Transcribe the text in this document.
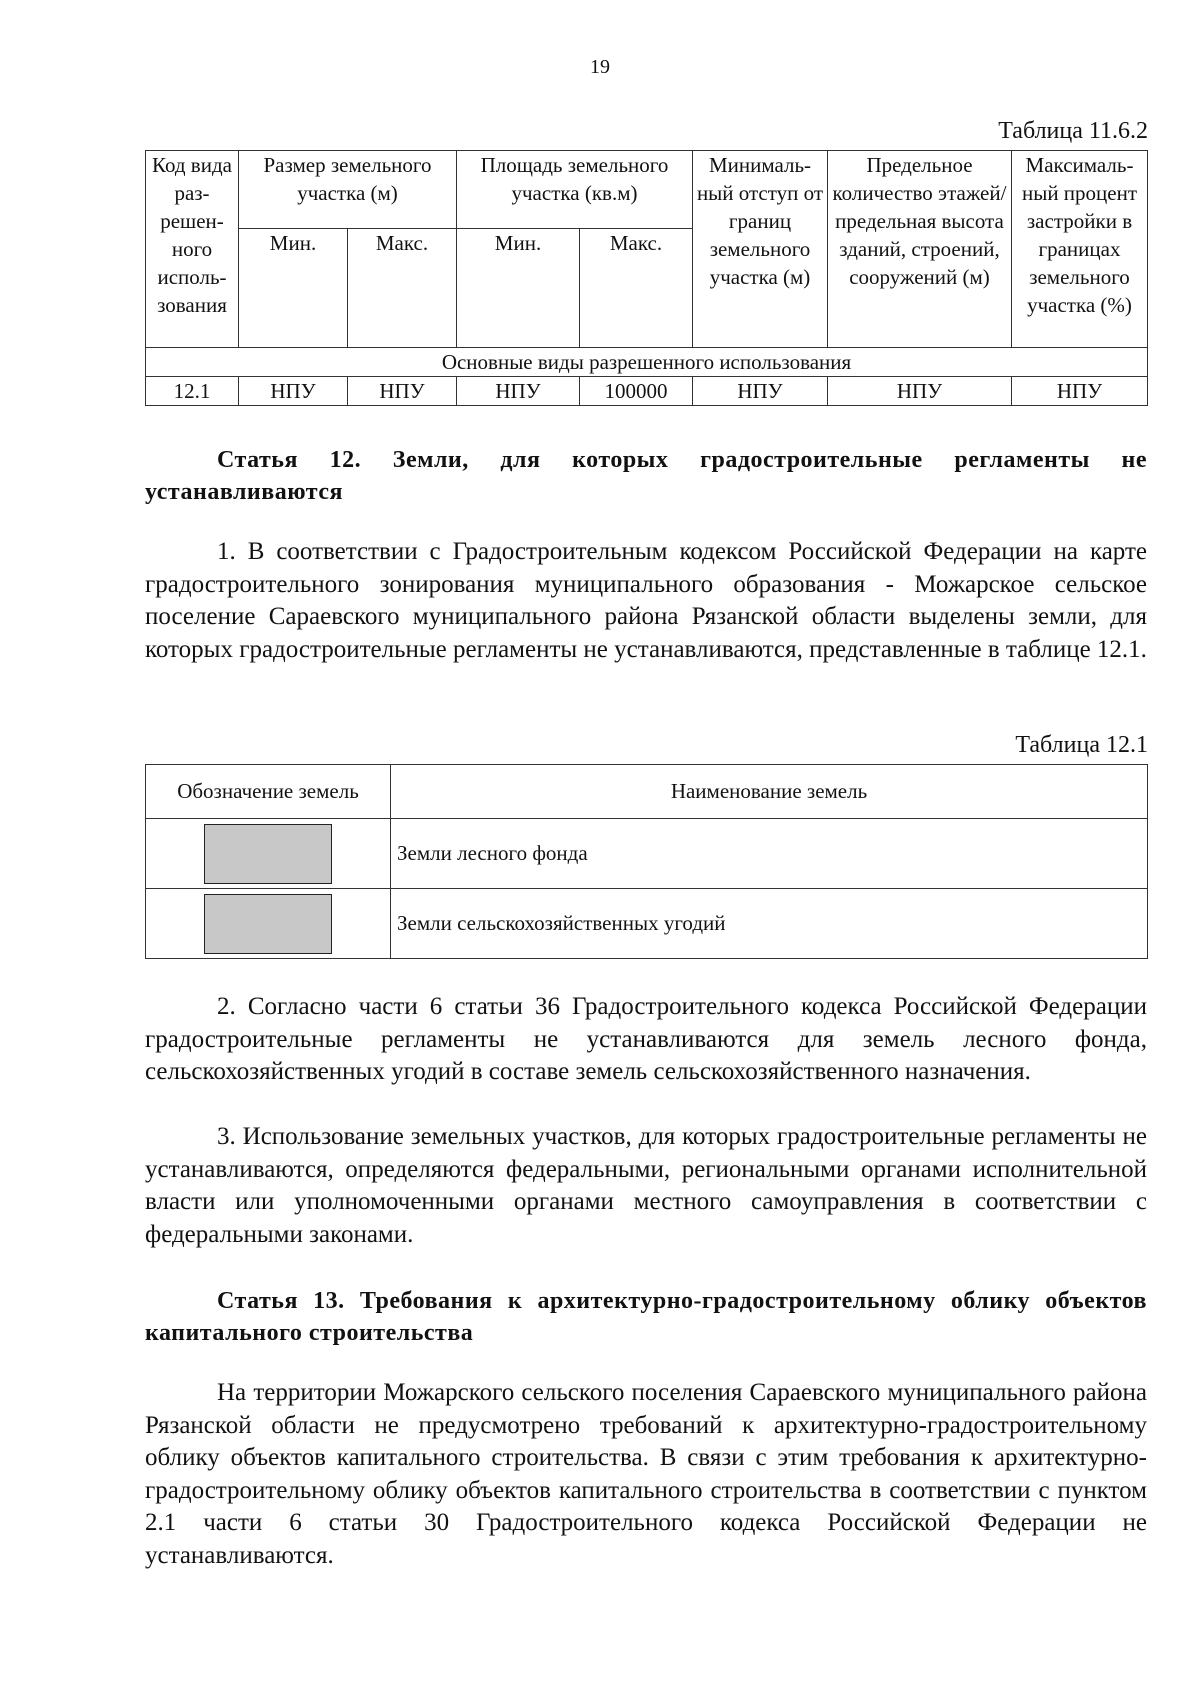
19
Таблица 11.6.2
Код вида раз-решен-ного исполь-зования	Размер земельного участка (м)		Площадь земельного участка (кв.м)		Минималь-ный отступ от границ земельного участка (м)	Предельное количество этажей/ предельная высота зданий, строений, сооружений (м)	Максималь-ный процент застройки в границах земельного участка (%)
	Мин.	Макс.	Мин.	Макс.			
Основные виды разрешенного использования							
12.1	НПУ	НПУ	НПУ	100000	НПУ	НПУ	НПУ
Статья 12. Земли, для которых градостроительные регламенты не устанавливаются
1. В соответствии с Градостроительным кодексом Российской Федерации на карте градостроительного зонирования муниципального образования - Можарское сельское поселение Сараевского муниципального района Рязанской области выделены земли, для которых градостроительные регламенты не устанавливаются, представленные в таблице 12.1.
Таблица 12.1
Обозначение земель	Наименование земель
	Земли лесного фонда
	Земли сельскохозяйственных угодий
2. Согласно части 6 статьи 36 Градостроительного кодекса Российской Федерации градостроительные регламенты не устанавливаются для земель лесного фонда, сельскохозяйственных угодий в составе земель сельскохозяйственного назначения.
3. Использование земельных участков, для которых градостроительные регламенты не устанавливаются, определяются федеральными, региональными органами исполнительной власти или уполномоченными органами местного самоуправления в соответствии с федеральными законами.
Статья 13. Требования к архитектурно-градостроительному облику объектов капитального строительства
На территории Можарского сельского поселения Сараевского муниципального района Рязанской области не предусмотрено требований к архитектурно-градостроительному облику объектов капитального строительства. В связи с этим требования к архитектурно-градостроительному облику объектов капитального строительства в соответствии с пунктом 2.1 части 6 статьи 30 Градостроительного кодекса Российской Федерации не устанавливаются.
